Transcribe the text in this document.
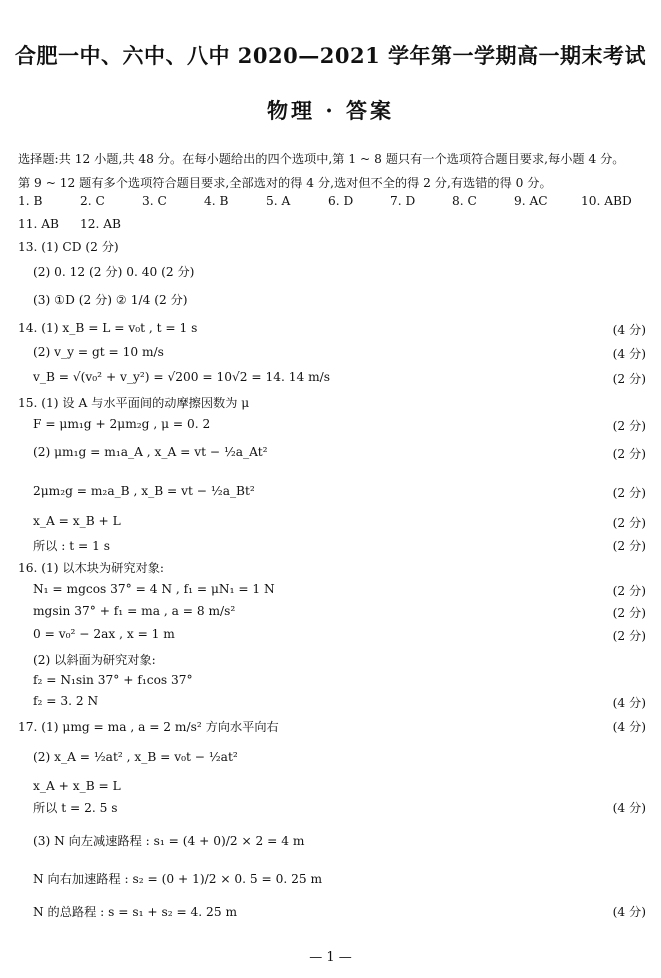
合肥一中、六中、八中 2020—2021 学年第一学期高一期末考试
物理 · 答案
选择题:共 12 小题,共 48 分。在每小题给出的四个选项中,第 1 ~ 8 题只有一个选项符合题目要求,每小题 4 分。
第 9 ~ 12 题有多个选项符合题目要求,全部选对的得 4 分,选对但不全的得 2 分,有选错的得 0 分。
1. B	2. C	3. C	4. B	5. A	6. D	7. D	8. C	9. AC	10. ABD
11. AB 12. AB
13. (1) CD (2 分)
(2) 0. 12 (2 分) 0. 40 (2 分)
(3) ①D (2 分) ② 1/4 (2 分)
14. (1) x_B = L = v₀t , t = 1 s	(4 分)
(2) v_y = gt = 10 m/s	(4 分)
v_B = √(v₀² + v_y²) = √200 = 10√2 = 14. 14 m/s	(2 分)
15. (1) 设 A 与水平面间的动摩擦因数为 μ
F = μm₁g + 2μm₂g , μ = 0. 2	(2 分)
(2) μm₁g = m₁a_A , x_A = vt − ½a_At²	(2 分)
2μm₂g = m₂a_B , x_B = vt − ½a_Bt²	(2 分)
x_A = x_B + L	(2 分)
所以 : t = 1 s	(2 分)
16. (1) 以木块为研究对象:
N₁ = mgcos 37° = 4 N , f₁ = μN₁ = 1 N	(2 分)
mgsin 37° + f₁ = ma , a = 8 m/s²	(2 分)
0 = v₀² − 2ax , x = 1 m	(2 分)
(2) 以斜面为研究对象:
f₂ = N₁sin 37° + f₁cos 37°
f₂ = 3. 2 N	(4 分)
17. (1) μmg = ma , a = 2 m/s² 方向水平向右	(4 分)
(2) x_A = ½at² , x_B = v₀t − ½at²
x_A + x_B = L
所以 t = 2. 5 s	(4 分)
(3) N 向左减速路程 : s₁ = (4 + 0)/2 × 2 = 4 m
N 向右加速路程 : s₂ = (0 + 1)/2 × 0. 5 = 0. 25 m
N 的总路程 : s = s₁ + s₂ = 4. 25 m	(4 分)
— 1 —
